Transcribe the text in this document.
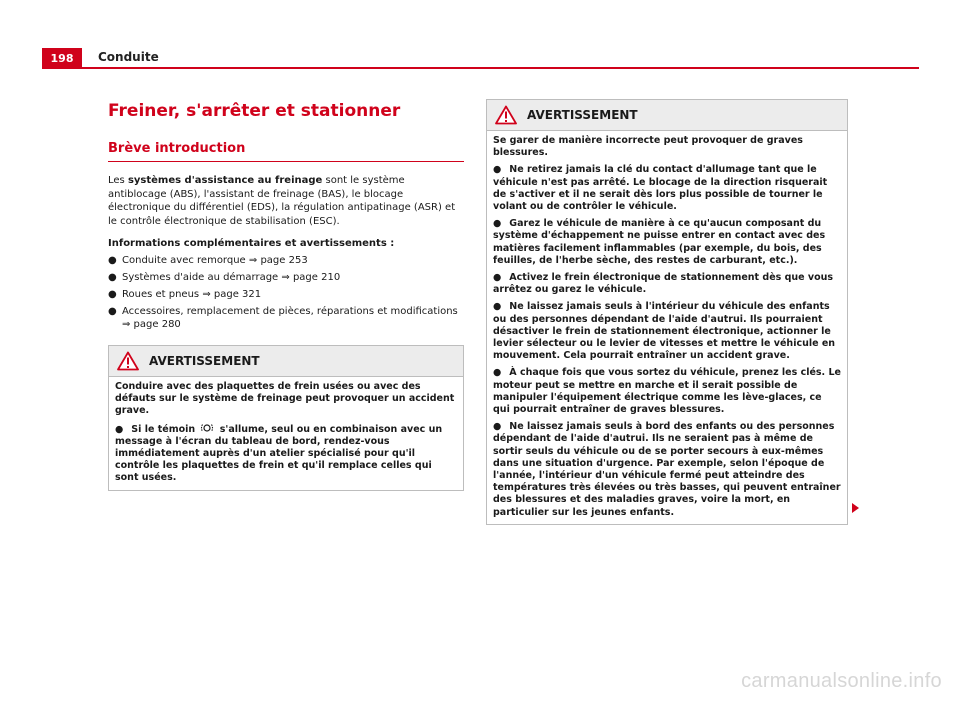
198	Conduite
Freiner, s'arrêter et stationner
Brève introduction

Les systèmes d'assistance au freinage sont le système antiblocage (ABS), l'assistant de freinage (BAS), le blocage électronique du différentiel (EDS), la régulation antipatinage (ASR) et le contrôle électronique de stabilisation (ESC).

Informations complémentaires et avertissements :

● Conduite avec remorque ⇒ page 253
● Systèmes d'aide au démarrage ⇒ page 210
● Roues et pneus ⇒ page 321
● Accessoires, remplacement de pièces, réparations et modifications ⇒ page 280
AVERTISSEMENT

Conduire avec des plaquettes de frein usées ou avec des défauts sur le système de freinage peut provoquer un accident grave.

● Si le témoin	s'allume, seul ou en combinaison avec un message à l'écran du tableau de bord, rendez-vous immédiatement auprès d'un atelier spécialisé pour qu'il contrôle les plaquettes de frein et qu'il remplace celles qui sont usées.
AVERTISSEMENT

Se garer de manière incorrecte peut provoquer de graves blessures.

● Ne retirez jamais la clé du contact d'allumage tant que le véhicule n'est pas arrêté. Le blocage de la direction risquerait de s'activer et il ne serait dès lors plus possible de tourner le volant ou de contrôler le véhicule.
● Garez le véhicule de manière à ce qu'aucun composant du système d'échappement ne puisse entrer en contact avec des matières facilement inflammables (par exemple, du bois, des feuilles, de l'herbe sèche, des restes de carburant, etc.).
● Activez le frein électronique de stationnement dès que vous arrêtez ou garez le véhicule.
● Ne laissez jamais seuls à l'intérieur du véhicule des enfants ou des personnes dépendant de l'aide d'autrui. Ils pourraient désactiver le frein de stationnement électronique, actionner le levier sélecteur ou le levier de vitesses et mettre le véhicule en mouvement. Cela pourrait entraîner un accident grave.
● À chaque fois que vous sortez du véhicule, prenez les clés. Le moteur peut se mettre en marche et il serait possible de manipuler l'équipement électrique comme les lève-glaces, ce qui pourrait entraîner de graves blessures.
● Ne laissez jamais seuls à bord des enfants ou des personnes dépendant de l'aide d'autrui. Ils ne seraient pas à même de sortir seuls du véhicule ou de se porter secours à eux-mêmes dans une situation d'urgence. Par exemple, selon l'époque de l'année, l'intérieur d'un véhicule fermé peut atteindre des températures très élevées ou très basses, qui peuvent entraîner des blessures et des maladies graves, voire la mort, en particulier sur les jeunes enfants.
carmanualsonline.info
